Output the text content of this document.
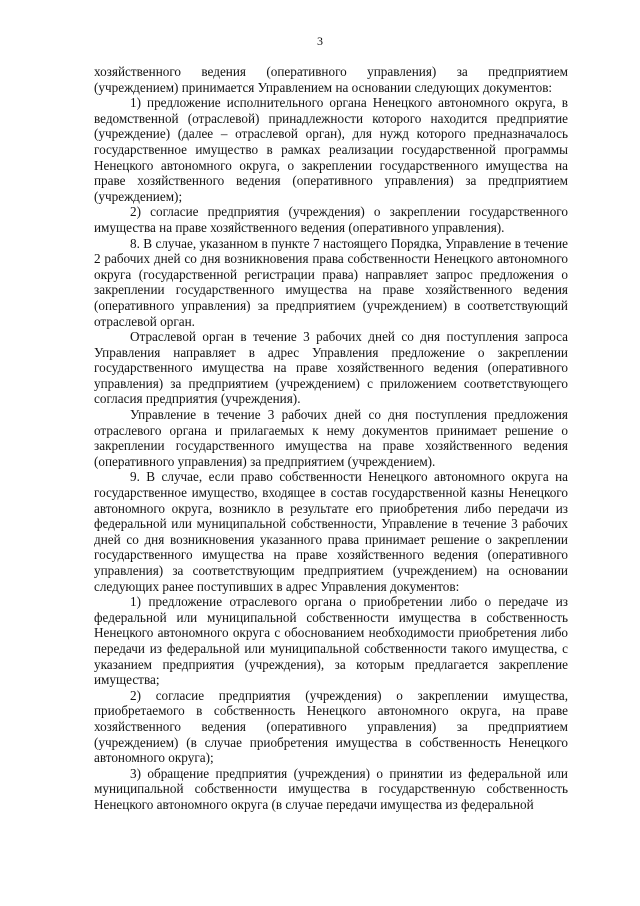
3

хозяйственного ведения (оперативного управления) за предприятием (учреждением) принимается Управлением на основании следующих документов:

1) предложение исполнительного органа Ненецкого автономного округа, в ведомственной (отраслевой) принадлежности которого находится предприятие (учреждение) (далее – отраслевой орган), для нужд которого предназначалось государственное имущество в рамках реализации государственной программы Ненецкого автономного округа, о закреплении государственного имущества на праве хозяйственного ведения (оперативного управления) за предприятием (учреждением);

2) согласие предприятия (учреждения) о закреплении государственного имущества на праве хозяйственного ведения (оперативного управления).

8. В случае, указанном в пункте 7 настоящего Порядка, Управление в течение 2 рабочих дней со дня возникновения права собственности Ненецкого автономного округа (государственной регистрации права) направляет запрос предложения о закреплении государственного имущества на праве хозяйственного ведения (оперативного управления) за предприятием (учреждением) в соответствующий отраслевой орган.

Отраслевой орган в течение 3 рабочих дней со дня поступления запроса Управления направляет в адрес Управления предложение о закреплении государственного имущества на праве хозяйственного ведения (оперативного управления) за предприятием (учреждением) с приложением соответствующего согласия предприятия (учреждения).

Управление в течение 3 рабочих дней со дня поступления предложения отраслевого органа и прилагаемых к нему документов принимает решение о закреплении государственного имущества на праве хозяйственного ведения (оперативного управления) за предприятием (учреждением).

9. В случае, если право собственности Ненецкого автономного округа на государственное имущество, входящее в состав государственной казны Ненецкого автономного округа, возникло в результате его приобретения либо передачи из федеральной или муниципальной собственности, Управление в течение 3 рабочих дней со дня возникновения указанного права принимает решение о закреплении государственного имущества на праве хозяйственного ведения (оперативного управления) за соответствующим предприятием (учреждением) на основании следующих ранее поступивших в адрес Управления документов:

1) предложение отраслевого органа о приобретении либо о передаче из федеральной или муниципальной собственности имущества в собственность Ненецкого автономного округа с обоснованием необходимости приобретения либо передачи из федеральной или муниципальной собственности такого имущества, с указанием предприятия (учреждения), за которым предлагается закрепление имущества;

2) согласие предприятия (учреждения) о закреплении имущества, приобретаемого в собственность Ненецкого автономного округа, на праве хозяйственного ведения (оперативного управления) за предприятием (учреждением) (в случае приобретения имущества в собственность Ненецкого автономного округа);

3) обращение предприятия (учреждения) о принятии из федеральной или муниципальной собственности имущества в государственную собственность Ненецкого автономного округа (в случае передачи имущества из федеральной
